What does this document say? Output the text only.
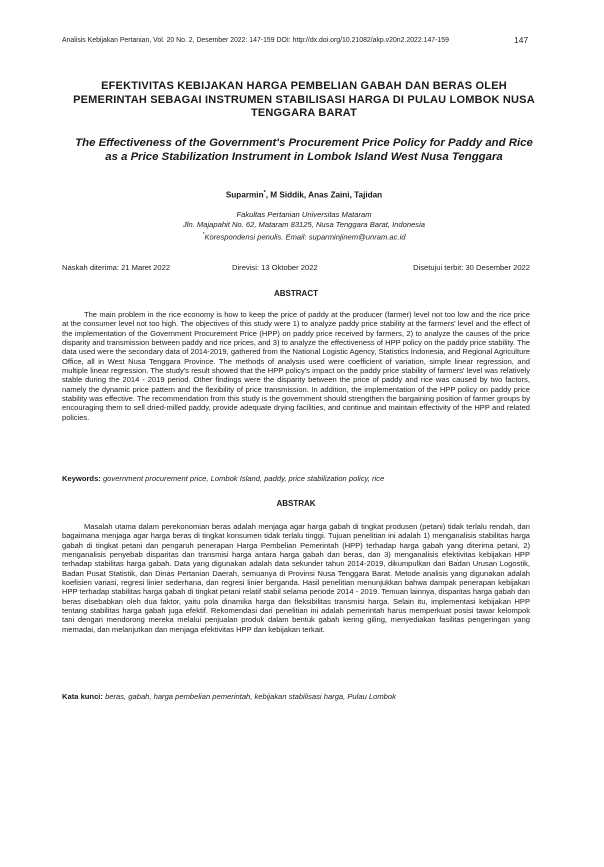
Analisis Kebijakan Pertanian, Vol. 20 No. 2, Desember 2022: 147-159 DOI: http://dx.doi.org/10.21082/akp.v20n2.2022.147-159	147
EFEKTIVITAS KEBIJAKAN HARGA PEMBELIAN GABAH DAN BERAS OLEH PEMERINTAH SEBAGAI INSTRUMEN STABILISASI HARGA DI PULAU LOMBOK NUSA TENGGARA BARAT
The Effectiveness of the Government's Procurement Price Policy for Paddy and Rice as a Price Stabilization Instrument in Lombok Island West Nusa Tenggara
Suparmin*, M Siddik, Anas Zaini, Tajidan
Fakultas Pertanian Universitas Mataram
Jln. Majapahit No. 62, Mataram 83125, Nusa Tenggara Barat, Indonesia
*Korespondensi penulis. Email: suparminjinem@unram.ac.id
Naskah diterima: 21 Maret 2022	Direvisi: 13 Oktober 2022	Disetujui terbit: 30 Desember 2022
ABSTRACT

The main problem in the rice economy is how to keep the price of paddy at the producer (farmer) level not too low and the rice price at the consumer level not too high. The objectives of this study were 1) to analyze paddy price stability at the farmers' level and the effect of the implementation of the Government Procurement Price (HPP) on paddy price received by farmers, 2) to analyze the causes of the price disparity and transmission between paddy and rice prices, and 3) to analyze the effectiveness of HPP policy on the paddy price stability. The data used were the secondary data of 2014-2019, gathered from the National Logistic Agency, Statistics Indonesia, and Regional Agriculture Office, all in West Nusa Tenggara Province. The methods of analysis used were coefficient of variation, simple linear regression, and multiple linear regression. The study's result showed that the HPP policy's impact on the paddy price stability of farmers' level was relatively stable during the 2014 - 2019 period. Other findings were the disparity between the price of paddy and rice was caused by two factors, namely the dynamic price pattern and the flexibility of price transmission. In addition, the implementation of the HPP policy on paddy price stability was effective. The recommendation from this study is the government should strengthen the bargaining position of farmer groups by encouraging them to sell dried-milled paddy, provide adequate drying facilities, and continue and maintain effectivity of the HPP and related policies.

Keywords: government procurement price, Lombok Island, paddy, price stabilization policy, rice
ABSTRAK

Masalah utama dalam perekonomian beras adalah menjaga agar harga gabah di tingkat produsen (petani) tidak terlalu rendah, dan bagaimana menjaga agar harga beras di tingkat konsumen tidak terlalu tinggi. Tujuan penelitian ini adalah 1) menganalisis stabilitas harga gabah di tingkat petani dan pengaruh penerapan Harga Pembelian Pemerintah (HPP) terhadap harga gabah yang diterima petani, 2) menganalisis penyebab disparitas dan transmisi harga antara harga gabah dan beras, dan 3) menganalisis efektivitas kebijakan HPP terhadap stabilitas harga gabah. Data yang digunakan adalah data sekunder tahun 2014-2019, dikumpulkan dari Badan Urusan Logostik, Badan Pusat Statistik, dan Dinas Pertanian Daerah, semuanya di Provinsi Nusa Tenggara Barat. Metode analisis yang digunakan adalah koefisien variasi, regresi linier sederhana, dan regresi linier berganda. Hasil penelitian menunjukkan bahwa dampak penerapan kebijakan HPP terhadap stabilitas harga gabah di tingkat petani relatif stabil selama periode 2014 - 2019. Temuan lainnya, disparitas harga gabah dan beras disebabkan oleh dua faktor, yaitu pola dinamika harga dan fleksibilitas transmisi harga. Selain itu, implementasi kebijakan HPP tentang stabilitas harga gabah juga efektif. Rekomendasi dari penelitian ini adalah pemerintah harus memperkuat posisi tawar kelompok tani dengan mendorong mereka melalui penjualan produk dalam bentuk gabah kering giling, menyediakan fasilitas pengeringan yang memadai, dan melanjutkan dan menjaga efektivitas HPP dan kebijakan terkait.

Kata kunci: beras, gabah, harga pembelian pemerintah, kebijakan stabilisasi harga, Pulau Lombok
